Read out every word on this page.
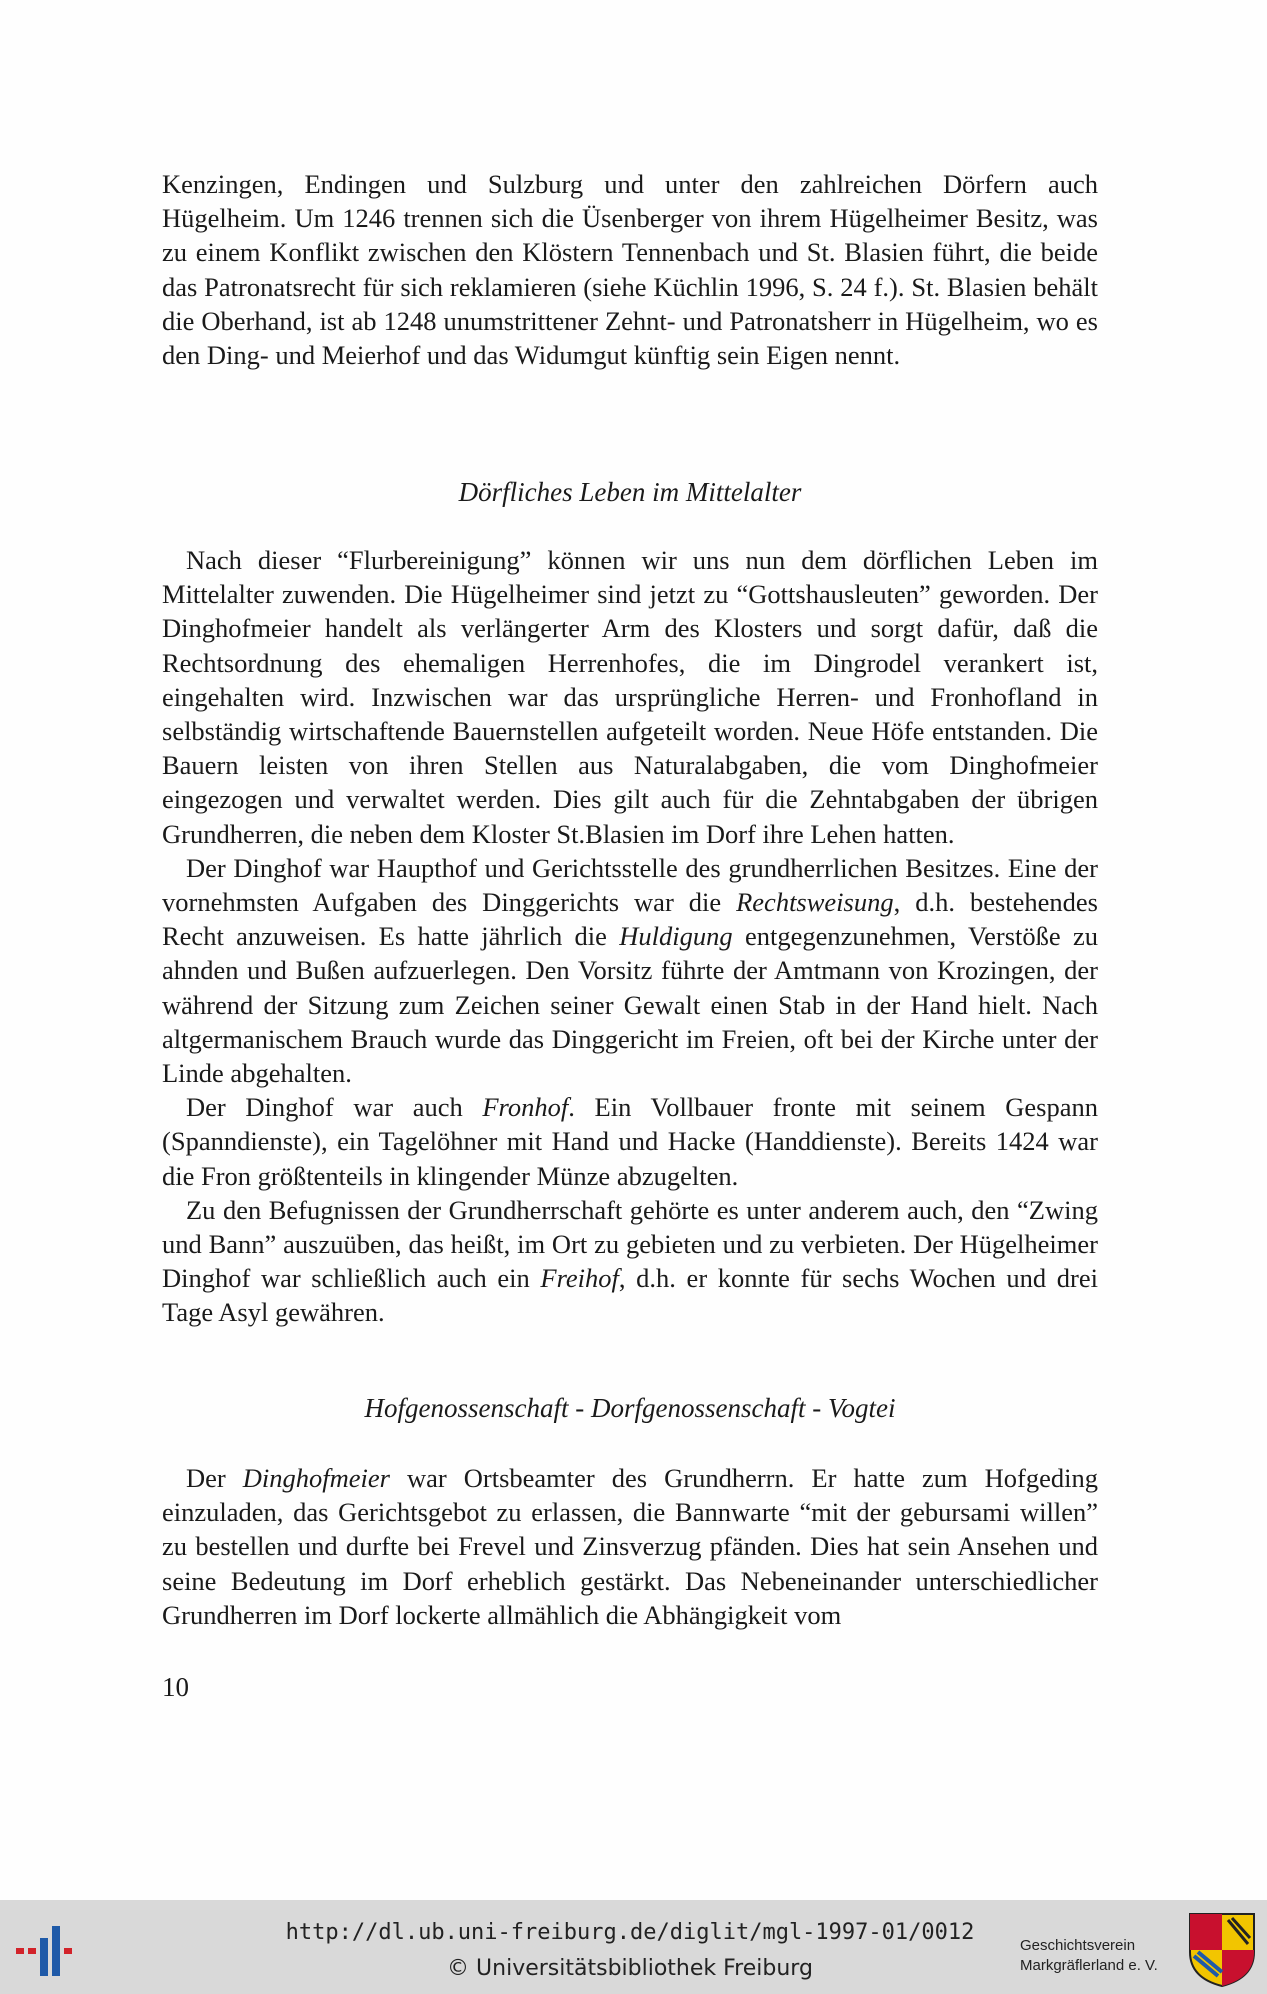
Kenzingen, Endingen und Sulzburg und unter den zahlreichen Dörfern auch Hügelheim. Um 1246 trennen sich die Üsenberger von ihrem Hügelheimer Besitz, was zu einem Konflikt zwischen den Klöstern Tennenbach und St. Blasien führt, die beide das Patronatsrecht für sich reklamieren (siehe Küchlin 1996, S. 24 f.). St. Blasien behält die Oberhand, ist ab 1248 unumstrittener Zehnt- und Patronatsherr in Hügelheim, wo es den Ding- und Meierhof und das Widumgut künftig sein Eigen nennt.

Dörfliches Leben im Mittelalter

Nach dieser “Flurbereinigung” können wir uns nun dem dörflichen Leben im Mittelalter zuwenden. Die Hügelheimer sind jetzt zu “Gottshausleuten” geworden. Der Dinghofmeier handelt als verlängerter Arm des Klosters und sorgt dafür, daß die Rechtsordnung des ehemaligen Herrenhofes, die im Dingrodel verankert ist, eingehalten wird. Inzwischen war das ursprüngliche Herren- und Fronhofland in selbständig wirtschaftende Bauernstellen aufgeteilt worden. Neue Höfe entstanden. Die Bauern leisten von ihren Stellen aus Naturalabgaben, die vom Dinghofmeier eingezogen und verwaltet werden. Dies gilt auch für die Zehntabgaben der übrigen Grundherren, die neben dem Kloster St.Blasien im Dorf ihre Lehen hatten.

Der Dinghof war Haupthof und Gerichtsstelle des grundherrlichen Besitzes. Eine der vornehmsten Aufgaben des Dinggerichts war die Rechtsweisung, d.h. bestehendes Recht anzuweisen. Es hatte jährlich die Huldigung entgegenzunehmen, Verstöße zu ahnden und Bußen aufzuerlegen. Den Vorsitz führte der Amtmann von Krozingen, der während der Sitzung zum Zeichen seiner Gewalt einen Stab in der Hand hielt. Nach altgermanischem Brauch wurde das Dinggericht im Freien, oft bei der Kirche unter der Linde abgehalten.

Der Dinghof war auch Fronhof. Ein Vollbauer fronte mit seinem Gespann (Spanndienste), ein Tagelöhner mit Hand und Hacke (Handdienste). Bereits 1424 war die Fron größtenteils in klingender Münze abzugelten.

Zu den Befugnissen der Grundherrschaft gehörte es unter anderem auch, den “Zwing und Bann” auszuüben, das heißt, im Ort zu gebieten und zu verbieten. Der Hügelheimer Dinghof war schließlich auch ein Freihof, d.h. er konnte für sechs Wochen und drei Tage Asyl gewähren.

Hofgenossenschaft - Dorfgenossenschaft - Vogtei

Der Dinghofmeier war Ortsbeamter des Grundherrn. Er hatte zum Hofgeding einzuladen, das Gerichtsgebot zu erlassen, die Bannwarte “mit der gebursami willen” zu bestellen und durfte bei Frevel und Zinsverzug pfänden. Dies hat sein Ansehen und seine Bedeutung im Dorf erheblich gestärkt. Das Nebeneinander unterschiedlicher Grundherren im Dorf lockerte allmählich die Abhängigkeit vom

10
http://dl.ub.uni-freiburg.de/diglit/mgl-1997-01/0012
© Universitätsbibliothek Freiburg
Geschichtsverein
Markgräflerland e. V.
